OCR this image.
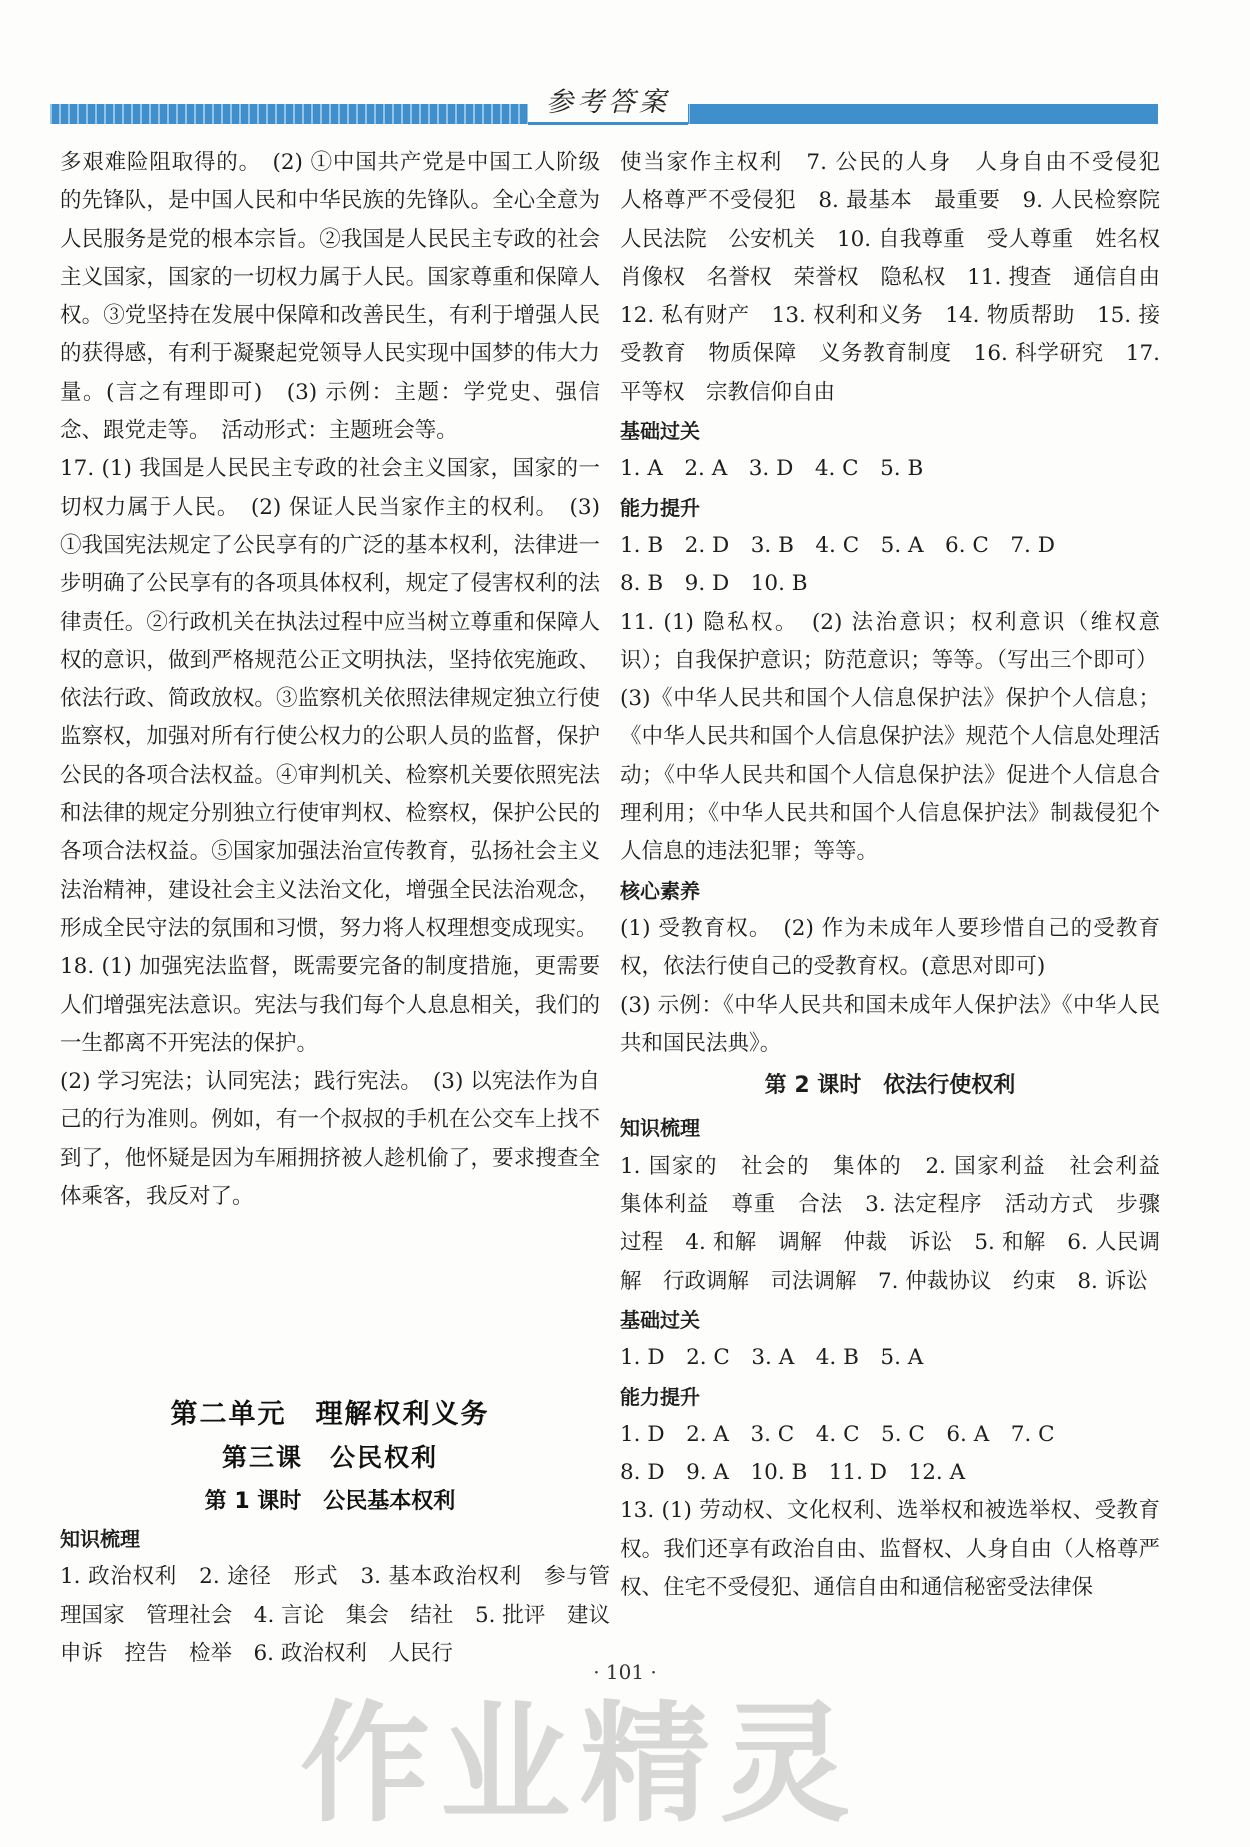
参考答案

多艰难险阻取得的。　(2) ①中国共产党是中国工人阶级的先锋队，是中国人民和中华民族的先锋队。全心全意为人民服务是党的根本宗旨。②我国是人民民主专政的社会主义国家，国家的一切权力属于人民。国家尊重和保障人权。③党坚持在发展中保障和改善民生，有利于增强人民的获得感，有利于凝聚起党领导人民实现中国梦的伟大力量。(言之有理即可)　(3) 示例：主题：学党史、强信念、跟党走等。　活动形式：主题班会等。

17. (1) 我国是人民民主专政的社会主义国家，国家的一切权力属于人民。　(2) 保证人民当家作主的权利。　(3) ①我国宪法规定了公民享有的广泛的基本权利，法律进一步明确了公民享有的各项具体权利，规定了侵害权利的法律责任。②行政机关在执法过程中应当树立尊重和保障人权的意识，做到严格规范公正文明执法，坚持依宪施政、依法行政、简政放权。③监察机关依照法律规定独立行使监察权，加强对所有行使公权力的公职人员的监督，保护公民的各项合法权益。④审判机关、检察机关要依照宪法和法律的规定分别独立行使审判权、检察权，保护公民的各项合法权益。⑤国家加强法治宣传教育，弘扬社会主义法治精神，建设社会主义法治文化，增强全民法治观念，形成全民守法的氛围和习惯，努力将人权理想变成现实。

18. (1) 加强宪法监督，既需要完备的制度措施，更需要人们增强宪法意识。宪法与我们每个人息息相关，我们的一生都离不开宪法的保护。

(2) 学习宪法；认同宪法；践行宪法。　(3) 以宪法作为自己的行为准则。例如，有一个叔叔的手机在公交车上找不到了，他怀疑是因为车厢拥挤被人趁机偷了，要求搜查全体乘客，我反对了。

第二单元　理解权利义务
第三课　公民权利
第 1 课时　公民基本权利

知识梳理

1. 政治权利　2. 途径　形式　3. 基本政治权利　参与管理国家　管理社会　4. 言论　集会　结社　5. 批评　建议　申诉　控告　检举　6. 政治权利　人民行

使当家作主权利　7. 公民的人身　人身自由不受侵犯　人格尊严不受侵犯　8. 最基本　最重要　9. 人民检察院　人民法院　公安机关　10. 自我尊重　受人尊重　姓名权　肖像权　名誉权　荣誉权　隐私权　11. 搜查　通信自由　12. 私有财产　13. 权利和义务　14. 物质帮助　15. 接受教育　物质保障　义务教育制度　16. 科学研究　17. 平等权　宗教信仰自由

基础过关

1. A　2. A　3. D　4. C　5. B

能力提升

1. B　2. D　3. B　4. C　5. A　6. C　7. D

8. B　9. D　10. B

11. (1) 隐私权。　(2) 法治意识；权利意识（维权意识）；自我保护意识；防范意识；等等。（写出三个即可）

(3)《中华人民共和国个人信息保护法》保护个人信息；《中华人民共和国个人信息保护法》规范个人信息处理活动；《中华人民共和国个人信息保护法》促进个人信息合理利用；《中华人民共和国个人信息保护法》制裁侵犯个人信息的违法犯罪；等等。

核心素养

(1) 受教育权。　(2) 作为未成年人要珍惜自己的受教育权，依法行使自己的受教育权。(意思对即可)

(3) 示例：《中华人民共和国未成年人保护法》《中华人民共和国民法典》。

第 2 课时　依法行使权利

知识梳理

1. 国家的　社会的　集体的　2. 国家利益　社会利益　集体利益　尊重　合法　3. 法定程序　活动方式　步骤　过程　4. 和解　调解　仲裁　诉讼　5. 和解　6. 人民调解　行政调解　司法调解　7. 仲裁协议　约束　8. 诉讼

基础过关

1. D　2. C　3. A　4. B　5. A

能力提升

1. D　2. A　3. C　4. C　5. C　6. A　7. C

8. D　9. A　10. B　11. D　12. A

13. (1) 劳动权、文化权利、选举权和被选举权、受教育权。我们还享有政治自由、监督权、人身自由（人格尊严权、住宅不受侵犯、通信自由和通信秘密受法律保

· 101 ·
作业精灵
